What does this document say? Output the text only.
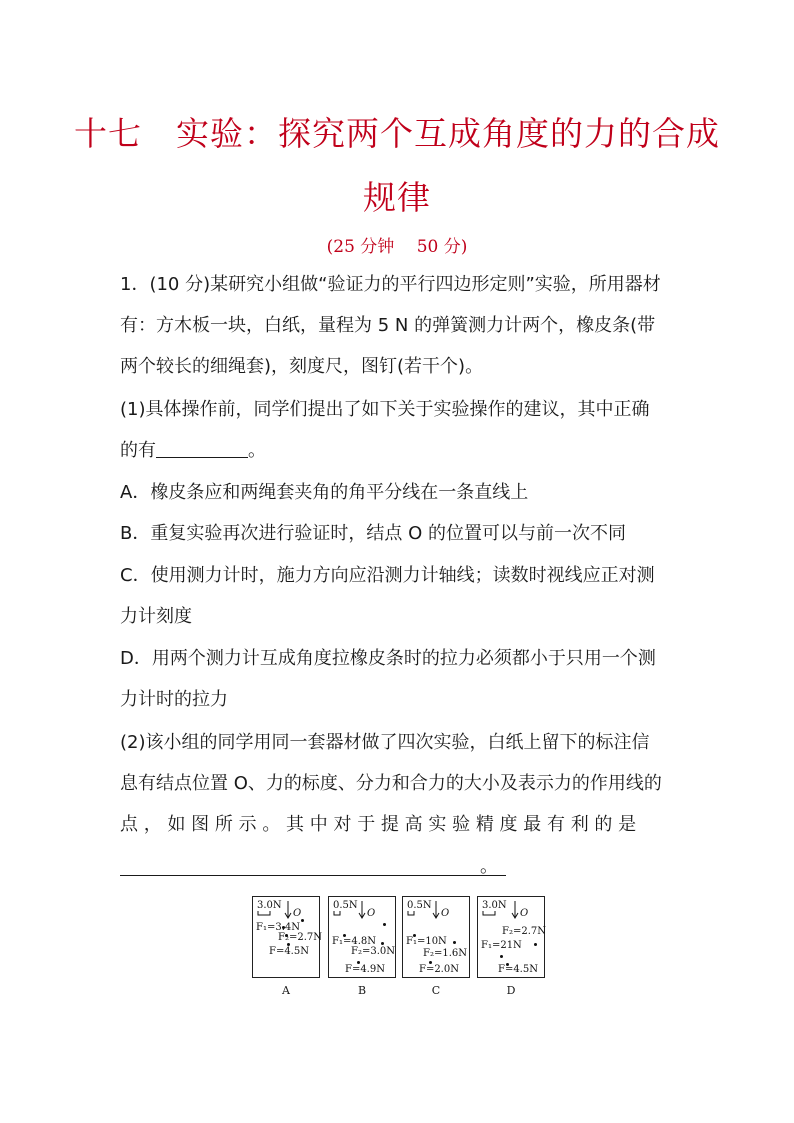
十七　实验：探究两个互成角度的力的合成
规律
(25 分钟　 50 分)
1．(10 分)某研究小组做“验证力的平行四边形定则”实验，所用器材
有：方木板一块，白纸，量程为 5 N 的弹簧测力计两个，橡皮条(带
两个较长的细绳套)，刻度尺，图钉(若干个)。
(1)具体操作前，同学们提出了如下关于实验操作的建议，其中正确
的有	。
A．橡皮条应和两绳套夹角的角平分线在一条直线上
B．重复实验再次进行验证时，结点 O 的位置可以与前一次不同
C．使用测力计时，施力方向应沿测力计轴线；读数时视线应正对测
力计刻度
D．用两个测力计互成角度拉橡皮条时的拉力必须都小于只用一个测
力计时的拉力
(2)该小组的同学用同一套器材做了四次实验，白纸上留下的标注信
息有结点位置 O、力的标度、分力和合力的大小及表示力的作用线的
点 ， 如 图 所 示 。 其 中 对 于 提 高 实 验 精 度 最 有 利 的 是
。
3.0N
O
F₁=3.4N
F₂=2.7N
F=4.5N
A
0.5N
O
F₁=4.8N
F₂=3.0N
F=4.9N
B
0.5N
O
F₁=10N
F₂=1.6N
F=2.0N
C
3.0N
O
F₂=2.7N
F₁=21N
F=4.5N
D
